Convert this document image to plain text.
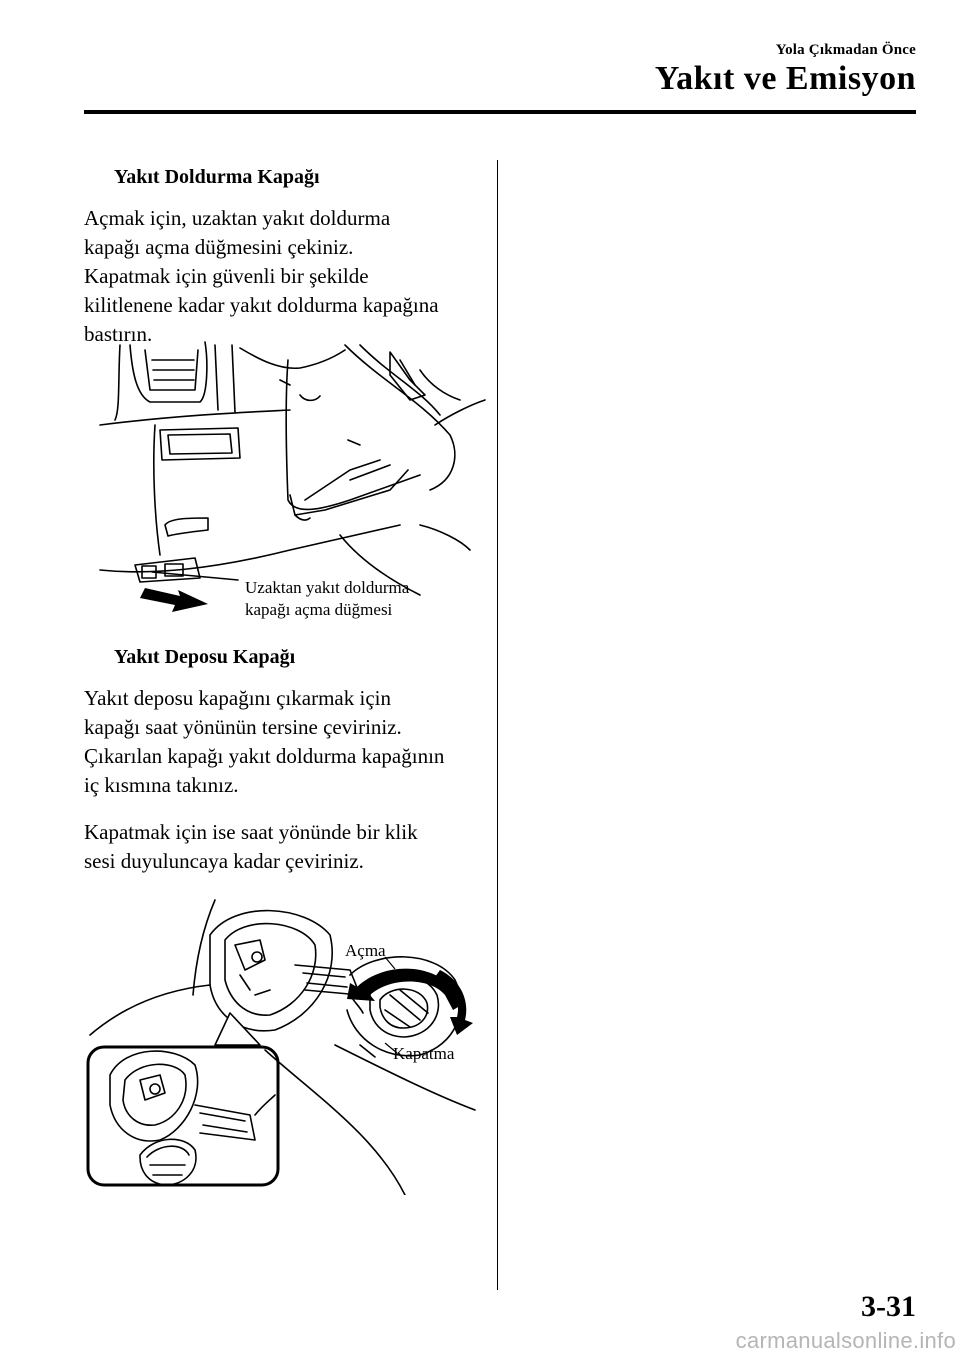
Yola Çıkmadan Önce
Yakıt ve Emisyon
Yakıt Doldurma Kapağı
Açmak için, uzaktan yakıt doldurma
kapağı açma düğmesini çekiniz.
Kapatmak için güvenli bir şekilde
kilitlenene kadar yakıt doldurma kapağına
bastırın.
Uzaktan yakıt doldurma
kapağı açma düğmesi
Yakıt Deposu Kapağı
Yakıt deposu kapağını çıkarmak için
kapağı saat yönünün tersine çeviriniz.
Çıkarılan kapağı yakıt doldurma kapağının
iç kısmına takınız.
Kapatmak için ise saat yönünde bir klik
sesi duyuluncaya kadar çeviriniz.
Açma
Kapatma
3-31
carmanualsonline.info
